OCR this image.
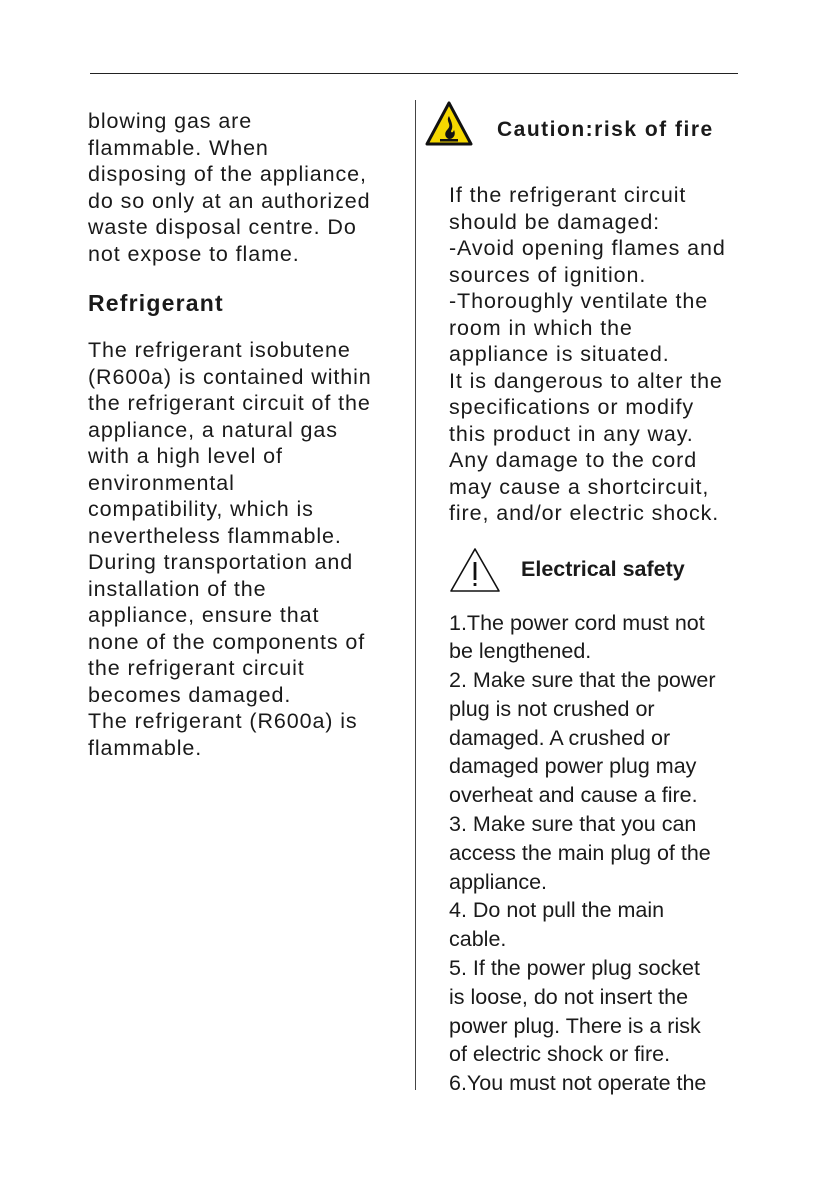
blowing gas are
flammable. When
disposing of the appliance,
do so only at an authorized
waste disposal centre. Do
not expose to flame.

Refrigerant

The refrigerant isobutene
(R600a) is contained within
the refrigerant circuit of the
appliance, a natural gas
with a high level of
environmental
compatibility, which is
nevertheless flammable.
During transportation and
installation of the
appliance, ensure that
none of the components of
the refrigerant circuit
becomes damaged.
The refrigerant (R600a) is
flammable.

Caution:risk of fire

If the refrigerant circuit
should be damaged:
-Avoid opening flames and
sources of ignition.
-Thoroughly ventilate the
room in which the
appliance is situated.
It is dangerous to alter the
specifications or modify
this product in any way.
Any damage to the cord
may cause a shortcircuit,
fire, and/or electric shock.

Electrical safety

1.The power cord must not
be lengthened.
2. Make sure that the power
plug is not crushed or
damaged. A crushed or
damaged power plug may
overheat and cause a fire.
3. Make sure that you can
access the main plug of the
appliance.
4. Do not pull the main
cable.
5. If the power plug socket
is loose, do not insert the
power plug. There is a risk
of electric shock or fire.
6.You must not operate the
